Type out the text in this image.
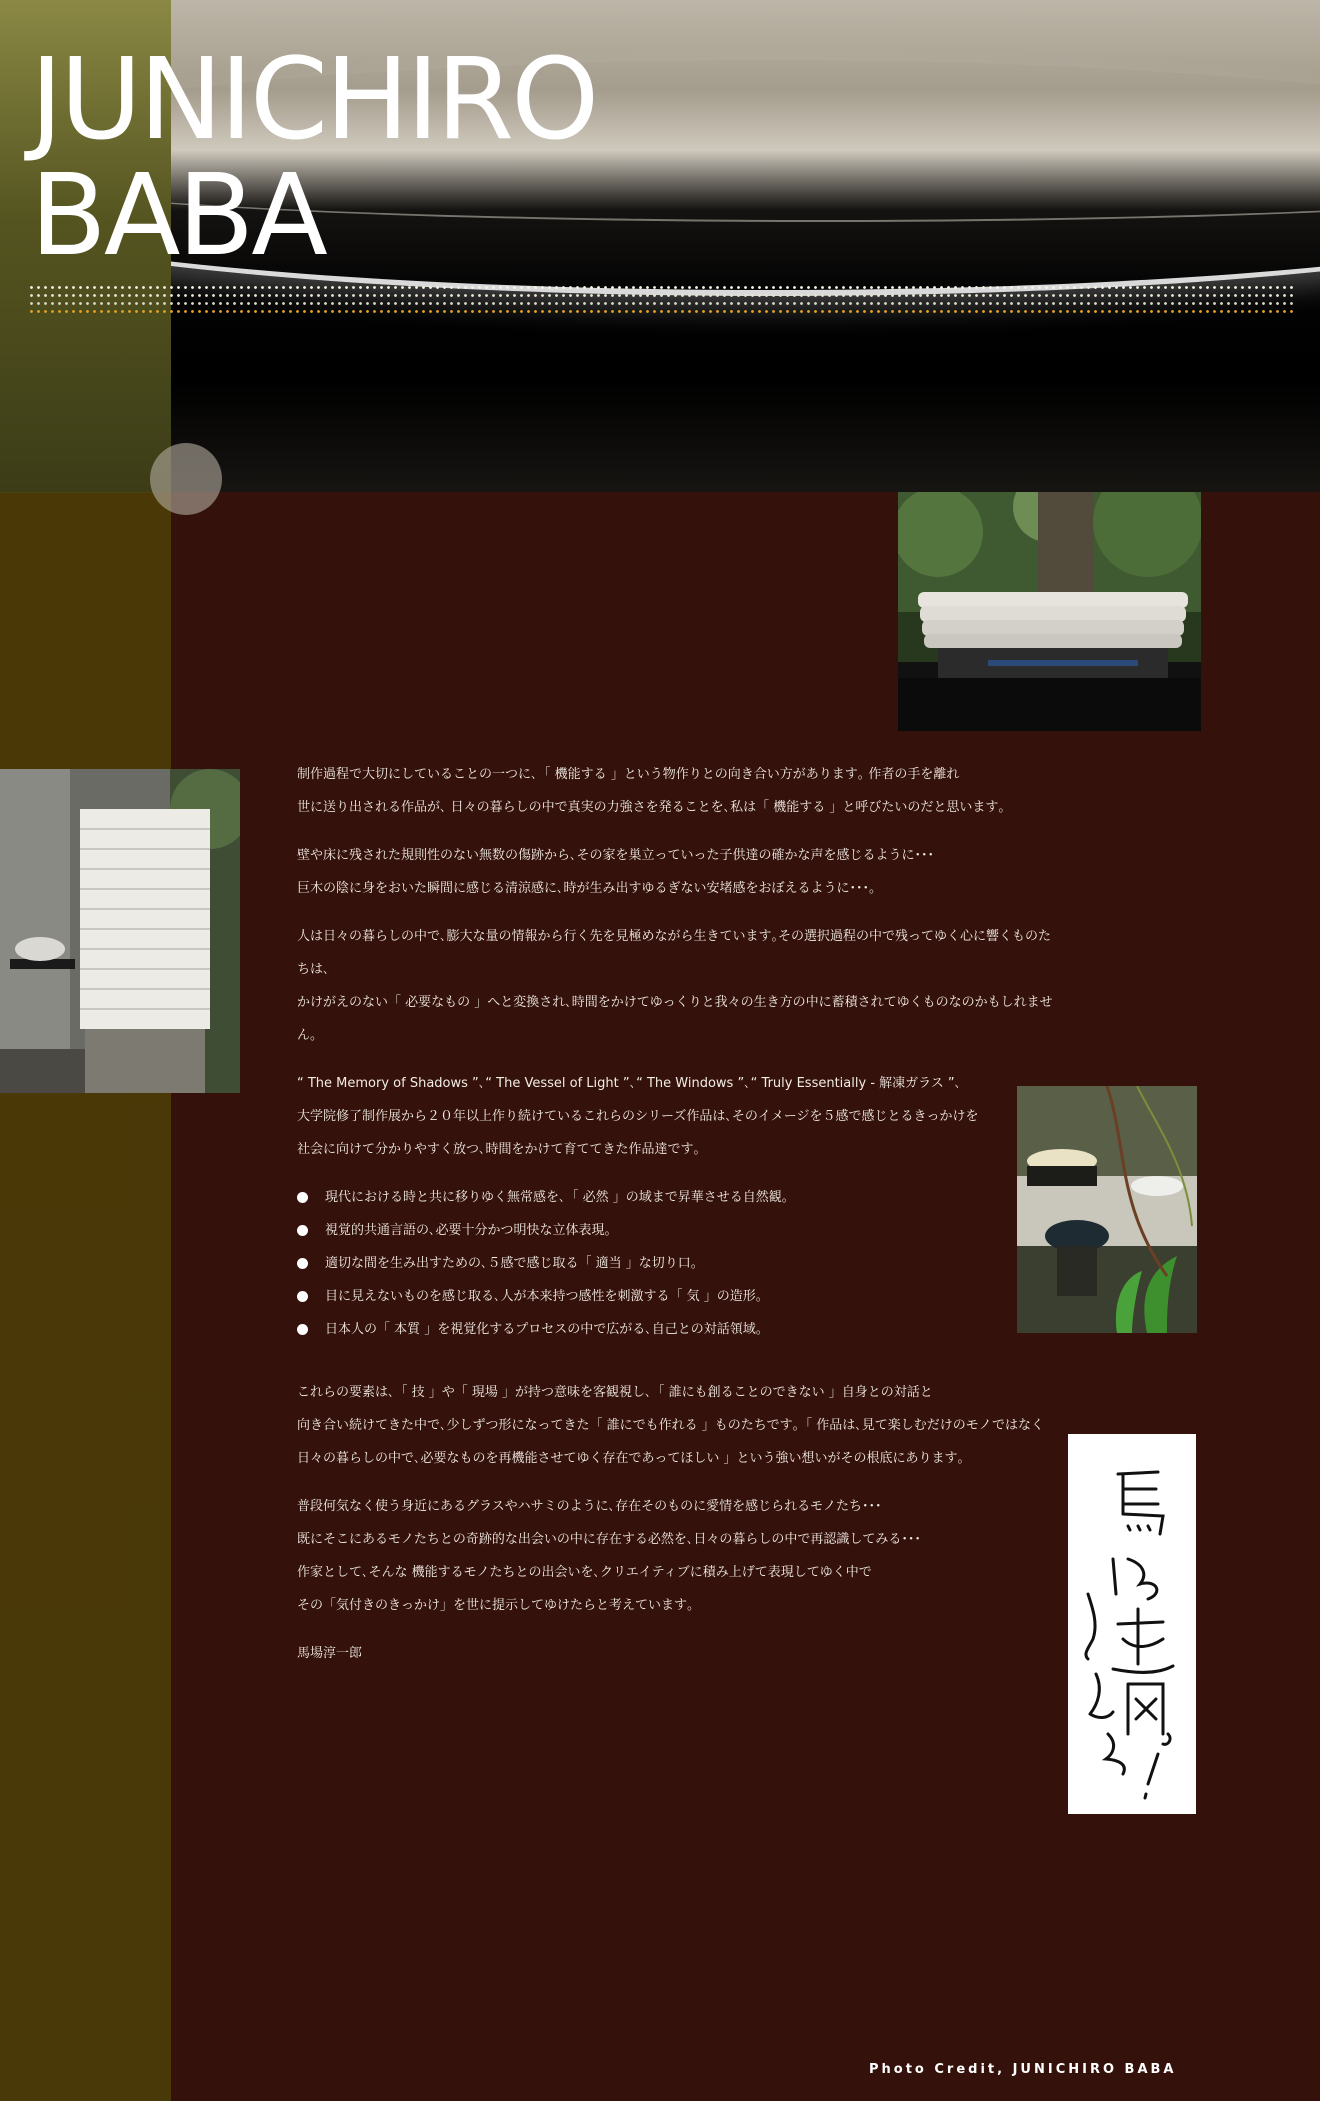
JUNICHIRO
BABA
©Junichiro Baba

制作過程で大切にしていることの一つに､「 機能する 」という物作りとの向き合い方があります｡ 作者の手を離れ
世に送り出される作品が､ 日々の暮らしの中で真実の力強さを発ることを､私は「 機能する 」と呼びたいのだと思います｡

壁や床に残された規則性のない無数の傷跡から､その家を巣立っていった子供達の確かな声を感じるように･･･
巨木の陰に身をおいた瞬間に感じる清涼感に､時が生み出すゆるぎない安堵感をおぼえるように･･･｡

人は日々の暮らしの中で､膨大な量の情報から行く先を見極めながら生きています｡その選択過程の中で残ってゆく心に響くものたちは､
かけがえのない「 必要なもの 」へと変換され､時間をかけてゆっくりと我々の生き方の中に蓄積されてゆくものなのかもしれません｡

“ The Memory of Shadows ”､“ The Vessel of Light ”､“ The Windows ”､“ Truly Essentially - 解凍ガラス ”､
大学院修了制作展から２０年以上作り続けているこれらのシリーズ作品は､そのイメージを５感で感じとるきっかけを
社会に向けて分かりやすく放つ､時間をかけて育ててきた作品達です｡

現代における時と共に移りゆく無常感を､「 必然 」の域まで昇華させる自然観｡
視覚的共通言語の､必要十分かつ明快な立体表現｡
適切な間を生み出すための､５感で感じ取る「 適当 」な切り口｡
目に見えないものを感じ取る､人が本来持つ感性を刺激する「 気 」の造形｡
日本人の「 本質 」を視覚化するプロセスの中で広がる､自己との対話領域｡

これらの要素は､「 技 」や「 現場 」が持つ意味を客観視し､「 誰にも創ることのできない 」自身との対話と
向き合い続けてきた中で､少しずつ形になってきた「 誰にでも作れる 」ものたちです｡「 作品は､見て楽しむだけのモノではなく
日々の暮らしの中で､必要なものを再機能させてゆく存在であってほしい 」という強い想いがその根底にあります｡

普段何気なく使う身近にあるグラスやハサミのように､存在そのものに愛情を感じられるモノたち･･･
既にそこにあるモノたちとの奇跡的な出会いの中に存在する必然を､日々の暮らしの中で再認識してみる･･･
作家として､そんな 機能するモノたちとの出会いを､クリエイティブに積み上げて表現してゆく中で
その「気付きのきっかけ」を世に提示してゆけたらと考えています｡

馬場淳一郎

Photo Credit, JUNICHIRO BABA
